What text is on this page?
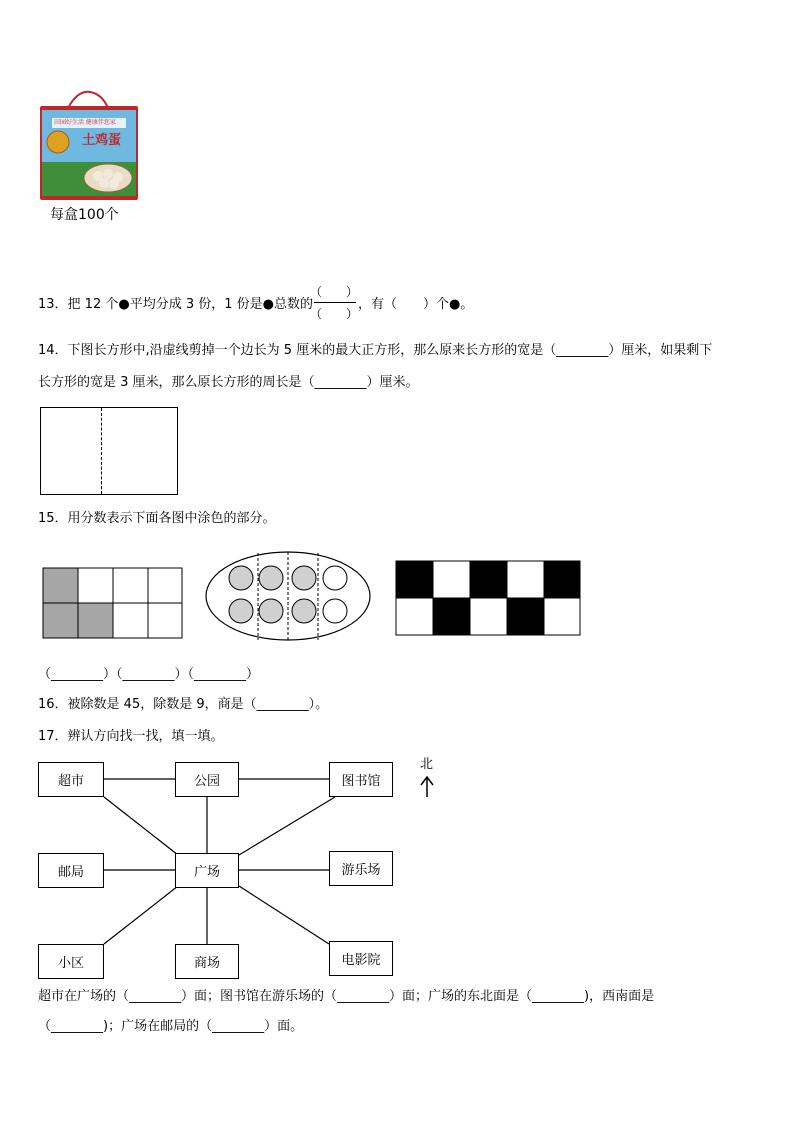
田园好生活 健康伴您家
土鸡蛋
每盒100个
13．把 12 个●平均分成 3 份，1 份是●总数的
（　　）
（　　）
，有（　　）个●。
14．下图长方形中,沿虚线剪掉一个边长为 5 厘米的最大正方形，那么原来长方形的宽是（________）厘米，如果剩下
长方形的宽是 3 厘米，那么原长方形的周长是（________）厘米。
15．用分数表示下面各图中涂色的部分。
（________）（________）（________）
16．被除数是 45，除数是 9，商是（________）。
17．辨认方向找一找，填一填。
超市	公园	图书馆
邮局	广场	游乐场
小区	商场	电影院
北
超市在广场的（________）面；图书馆在游乐场的（________）面；广场的东北面是（________)，西南面是
（________)；广场在邮局的（________）面。
